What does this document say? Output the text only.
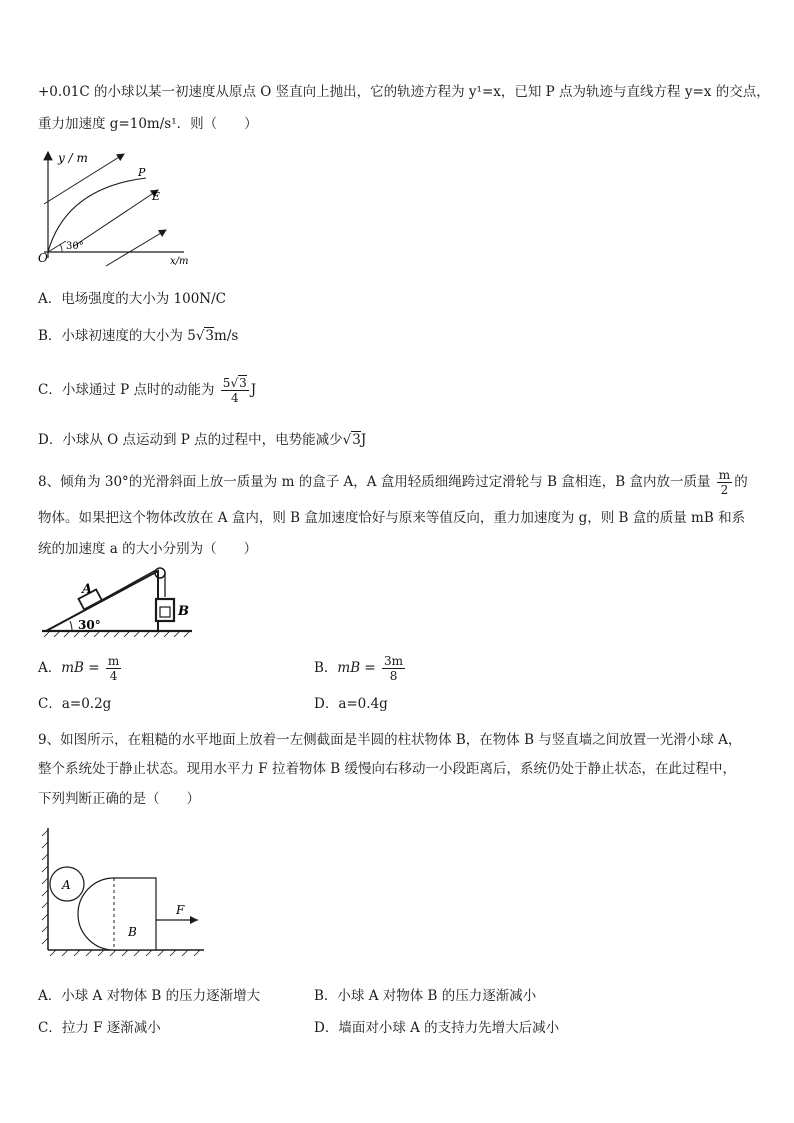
+0.01C 的小球以某一初速度从原点 O 竖直向上抛出，它的轨迹方程为 y¹=x，已知 P 点为轨迹与直线方程 y=x 的交点，
重力加速度 g=10m/s¹．则（　　）
y / m
x/m
O
30°
P
E
A．电场强度的大小为 100N/C
B．小球初速度的大小为 5√3m/s
C．小球通过 P 点时的动能为 $\frac{5√3}{4}$ J
D．小球从 O 点运动到 P 点的过程中，电势能减少√3J
8、倾角为 30°的光滑斜面上放一质量为 m 的盒子 A，A 盒用轻质细绳跨过定滑轮与 B 盒相连，B 盒内放一质量 $\frac{m}{2}$ 的
物体。如果把这个物体改放在 A 盒内，则 B 盒加速度恰好与原来等值反向，重力加速度为 g，则 B 盒的质量 mB 和系
统的加速度 a 的大小分别为（　　）
A
B
30°
A．mB = $\frac{m}{4}$	B．mB = $\frac{3m}{8}$
C．a=0.2g	D．a=0.4g
9、如图所示，在粗糙的水平地面上放着一左侧截面是半圆的柱状物体 B，在物体 B 与竖直墙之间放置一光滑小球 A，
整个系统处于静止状态。现用水平力 F 拉着物体 B 缓慢向右移动一小段距离后，系统仍处于静止状态，在此过程中，
下列判断正确的是（　　）
A
B
F
A．小球 A 对物体 B 的压力逐渐增大	B．小球 A 对物体 B 的压力逐渐减小
C．拉力 F 逐渐减小	D．墙面对小球 A 的支持力先增大后减小
